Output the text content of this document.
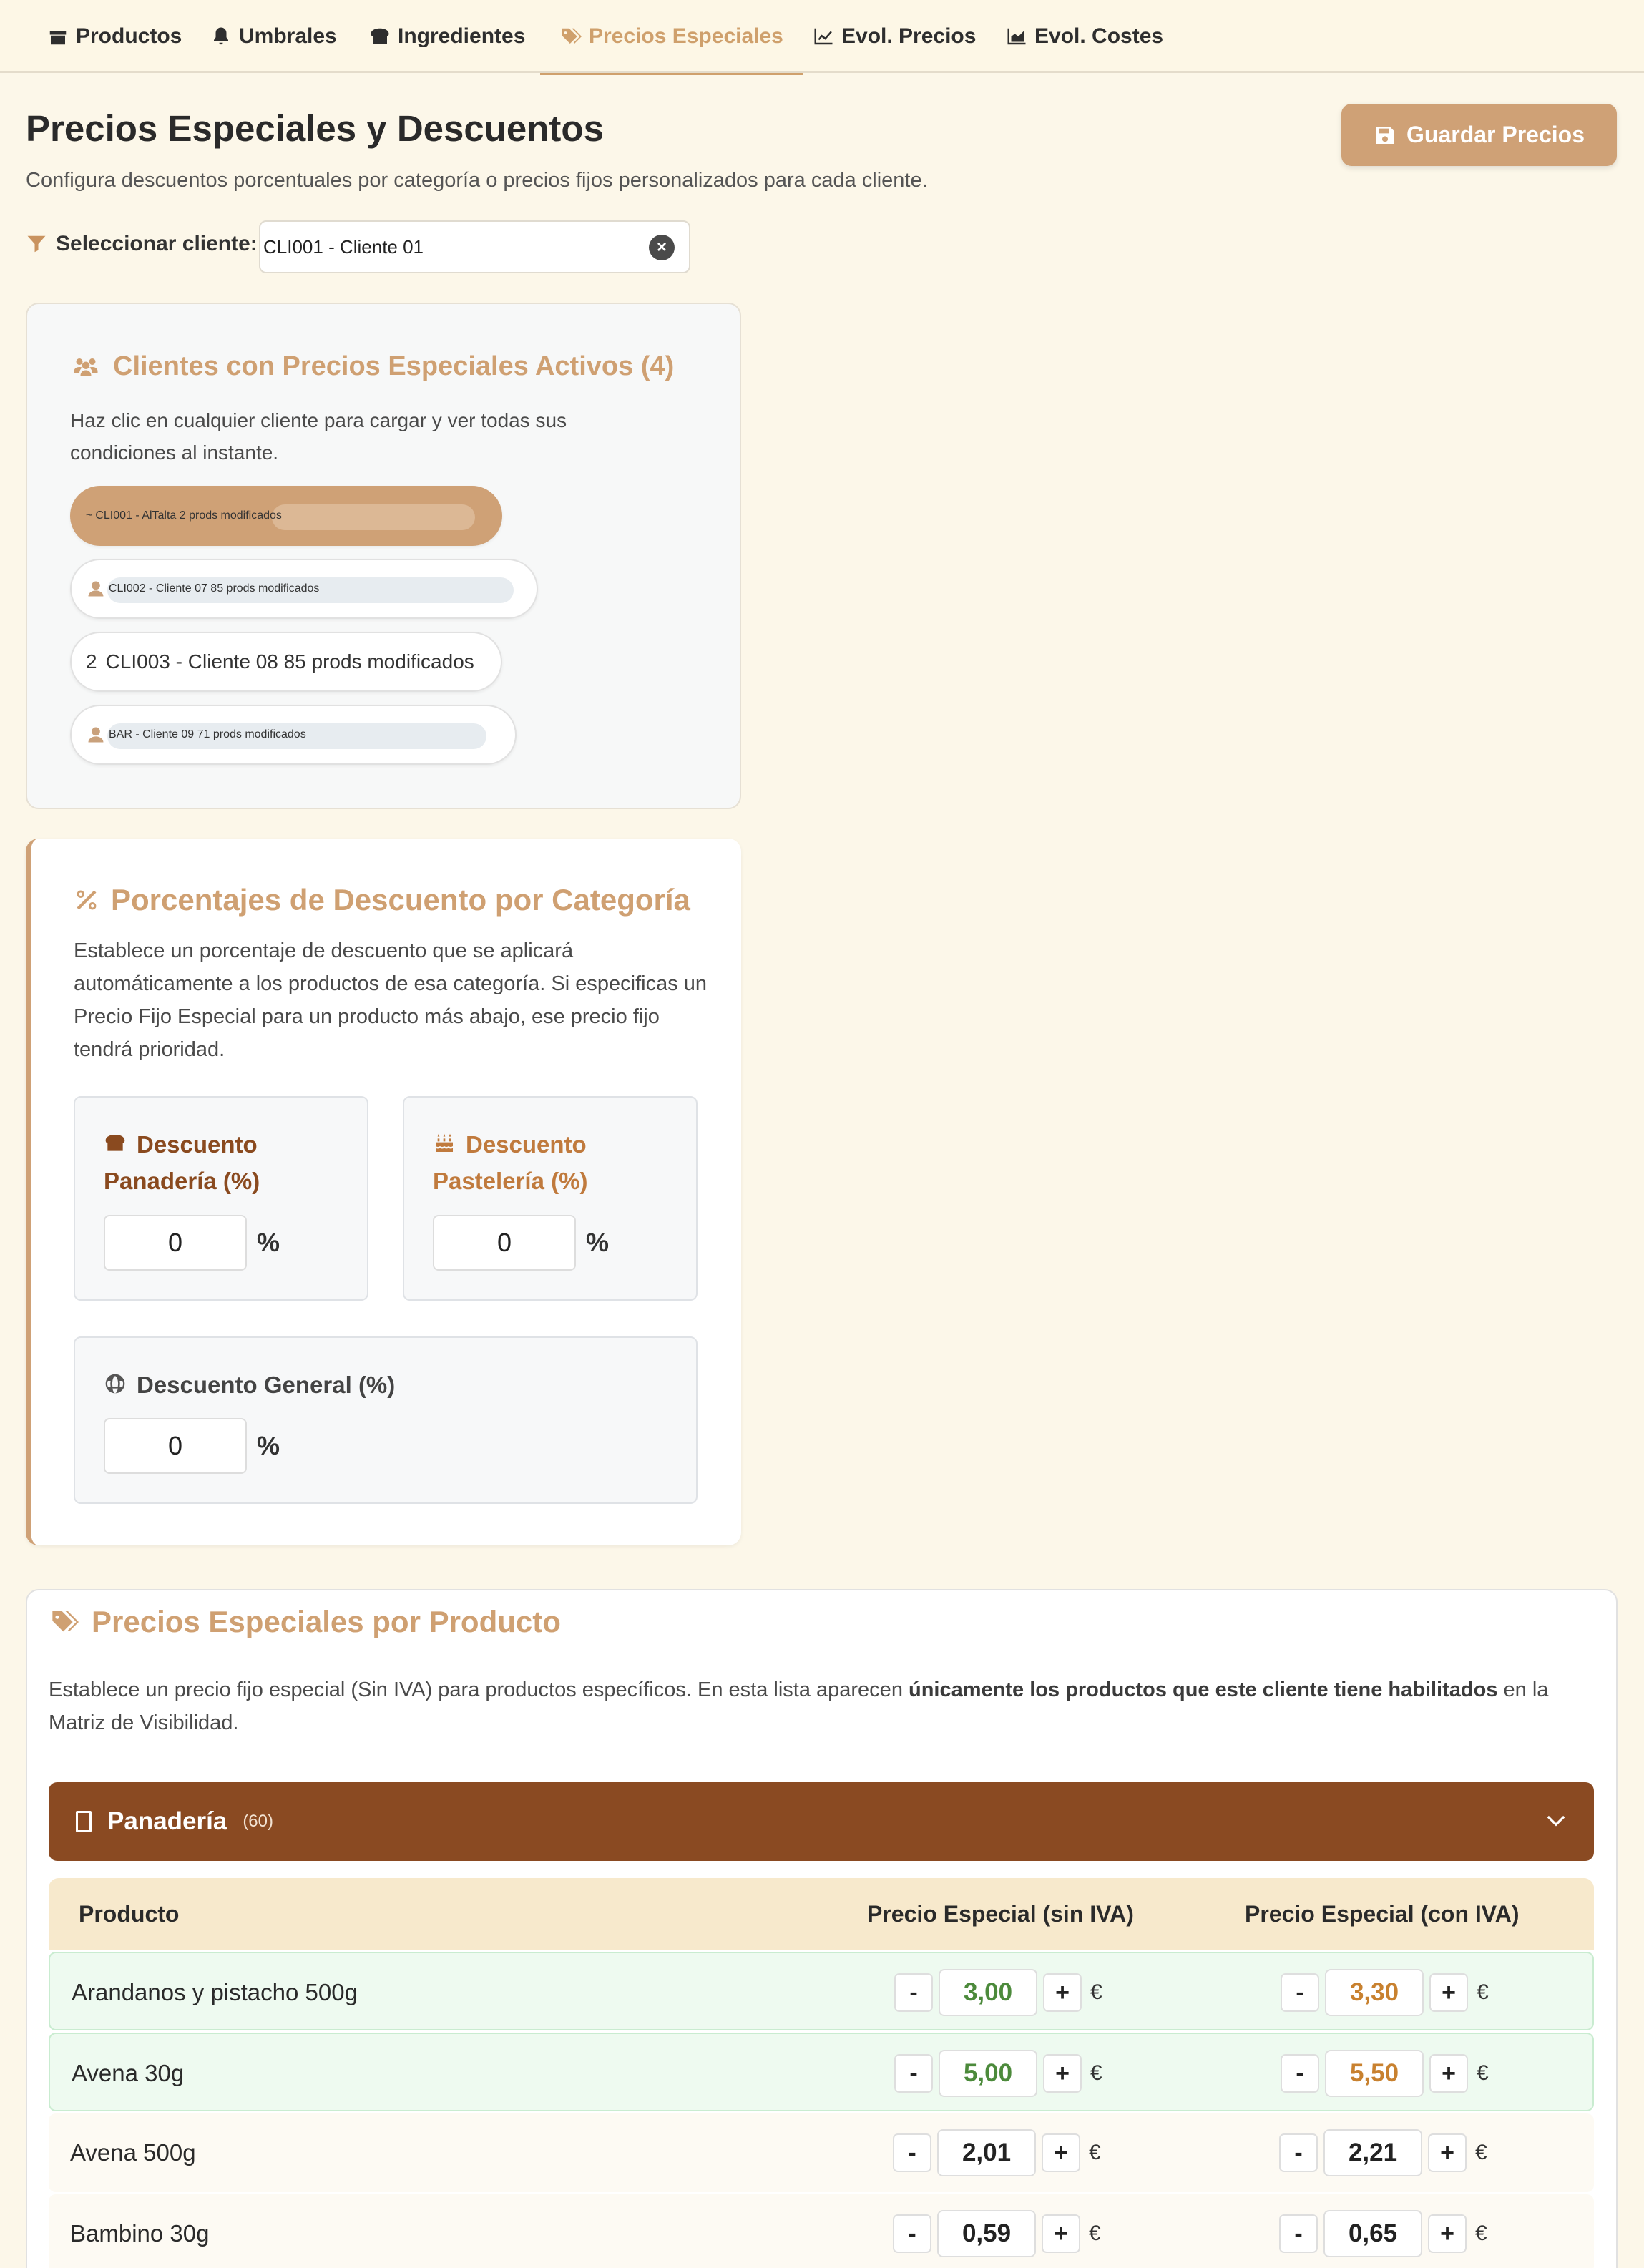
Productos	Umbrales	Ingredientes	Precios Especiales	Evol. Precios	Evol. Costes
Precios Especiales y Descuentos

Configura descuentos porcentuales por categoría o precios fijos personalizados para cada cliente.

Guardar Precios
Seleccionar cliente: CLI001 - Cliente 01	×
Clientes con Precios Especiales Activos (4)

Haz clic en cualquier cliente para cargar y ver todas sus condiciones al instante.

~ CLI001 - AlTalta 2 prods modificados
CLI002 - Cliente 07 85 prods modificados
2 CLI003 - Cliente 08 85 prods modificados
BAR - Cliente 09 71 prods modificados
Porcentajes de Descuento por Categoría

Establece un porcentaje de descuento que se aplicará automáticamente a los productos de esa categoría. Si especificas un Precio Fijo Especial para un producto más abajo, ese precio fijo tendrá prioridad.

Descuento Panadería (%)
0	%
Descuento Pastelería (%)
0	%
Descuento General (%)
0	%
Precios Especiales por Producto

Establece un precio fijo especial (Sin IVA) para productos específicos. En esta lista aparecen únicamente los productos que este cliente tiene habilitados en la Matriz de Visibilidad.

Panadería (60)
Producto	Precio Especial (sin IVA)	Precio Especial (con IVA)
Arandanos y pistacho 500g	-	3,00	+ €	-	3,30	+ €
Avena 30g	-	5,00	+ €	-	5,50	+ €
Avena 500g	-	2,01	+ €	-	2,21	+ €
Bambino 30g	-	0,59	+ €	-	0,65	+ €
